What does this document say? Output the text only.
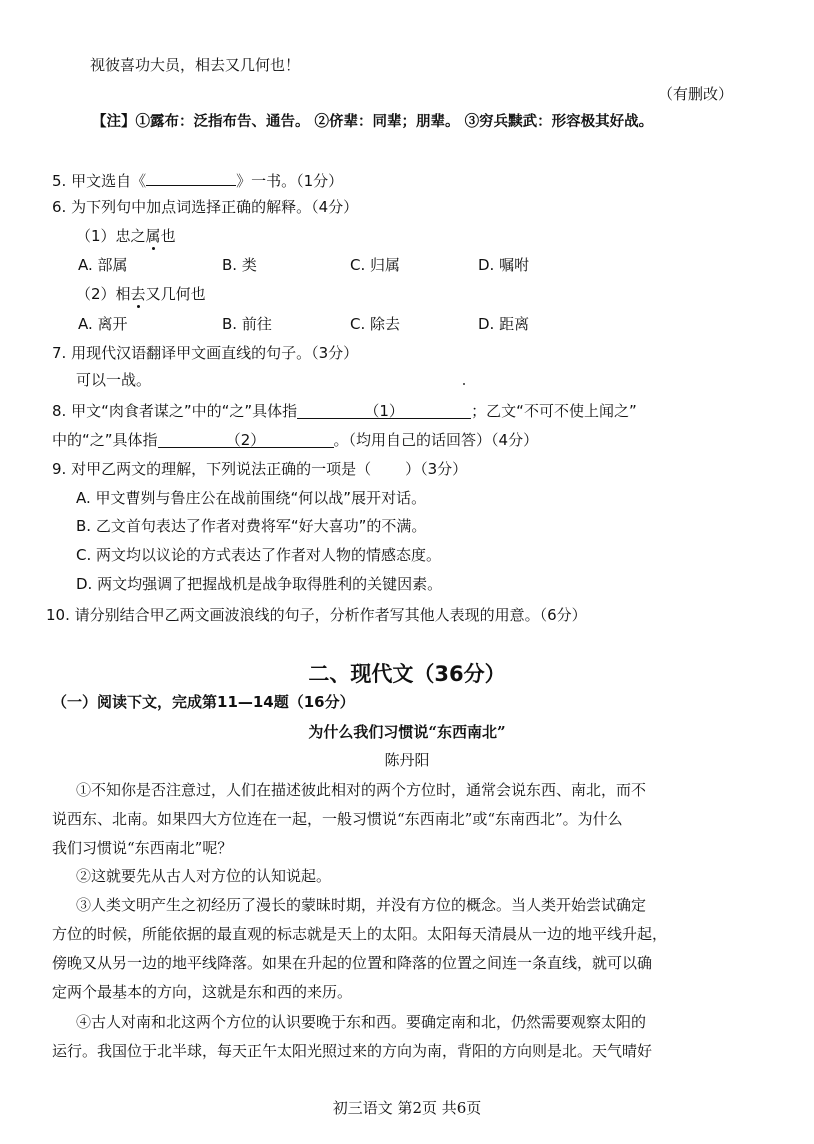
视彼喜功大员，相去又几何也！
（有删改）
【注】①露布：泛指布告、通告。 ②侪辈：同辈；朋辈。 ③穷兵黩武：形容极其好战。
5. 甲文选自《	》一书。（1分）
6. 为下列句中加点词选择正确的解释。（4分）
（1）忠之属也
A. 部属	B. 类	C. 归属	D. 嘱咐
（2）相去又几何也
A. 离开	B. 前往	C. 除去	D. 距离
7. 用现代汉语翻译甲文画直线的句子。（3分）
可以一战。
8. 甲文“肉食者谋之”中的“之”具体指	（1）	；乙文“不可不使上闻之”
中的“之”具体指	（2）	。（均用自己的话回答）（4分）
9. 对甲乙两文的理解，下列说法正确的一项是（ ）（3分）
A. 甲文曹刿与鲁庄公在战前围绕“何以战”展开对话。
B. 乙文首句表达了作者对费将军“好大喜功”的不满。
C. 两文均以议论的方式表达了作者对人物的情感态度。
D. 两文均强调了把握战机是战争取得胜利的关键因素。
10. 请分别结合甲乙两文画波浪线的句子，分析作者写其他人表现的用意。（6分）
二、现代文（36分）
（一）阅读下文，完成第11—14题（16分）
为什么我们习惯说“东西南北”
陈丹阳
①不知你是否注意过，人们在描述彼此相对的两个方位时，通常会说东西、南北，而不
说西东、北南。如果四大方位连在一起，一般习惯说“东西南北”或“东南西北”。为什么
我们习惯说“东西南北”呢？
②这就要先从古人对方位的认知说起。
③人类文明产生之初经历了漫长的蒙昧时期，并没有方位的概念。当人类开始尝试确定
方位的时候，所能依据的最直观的标志就是天上的太阳。太阳每天清晨从一边的地平线升起，
傍晚又从另一边的地平线降落。如果在升起的位置和降落的位置之间连一条直线，就可以确
定两个最基本的方向，这就是东和西的来历。
④古人对南和北这两个方位的认识要晚于东和西。要确定南和北，仍然需要观察太阳的
运行。我国位于北半球，每天正午太阳光照过来的方向为南，背阳的方向则是北。天气晴好
初三语文 第2页 共6页
